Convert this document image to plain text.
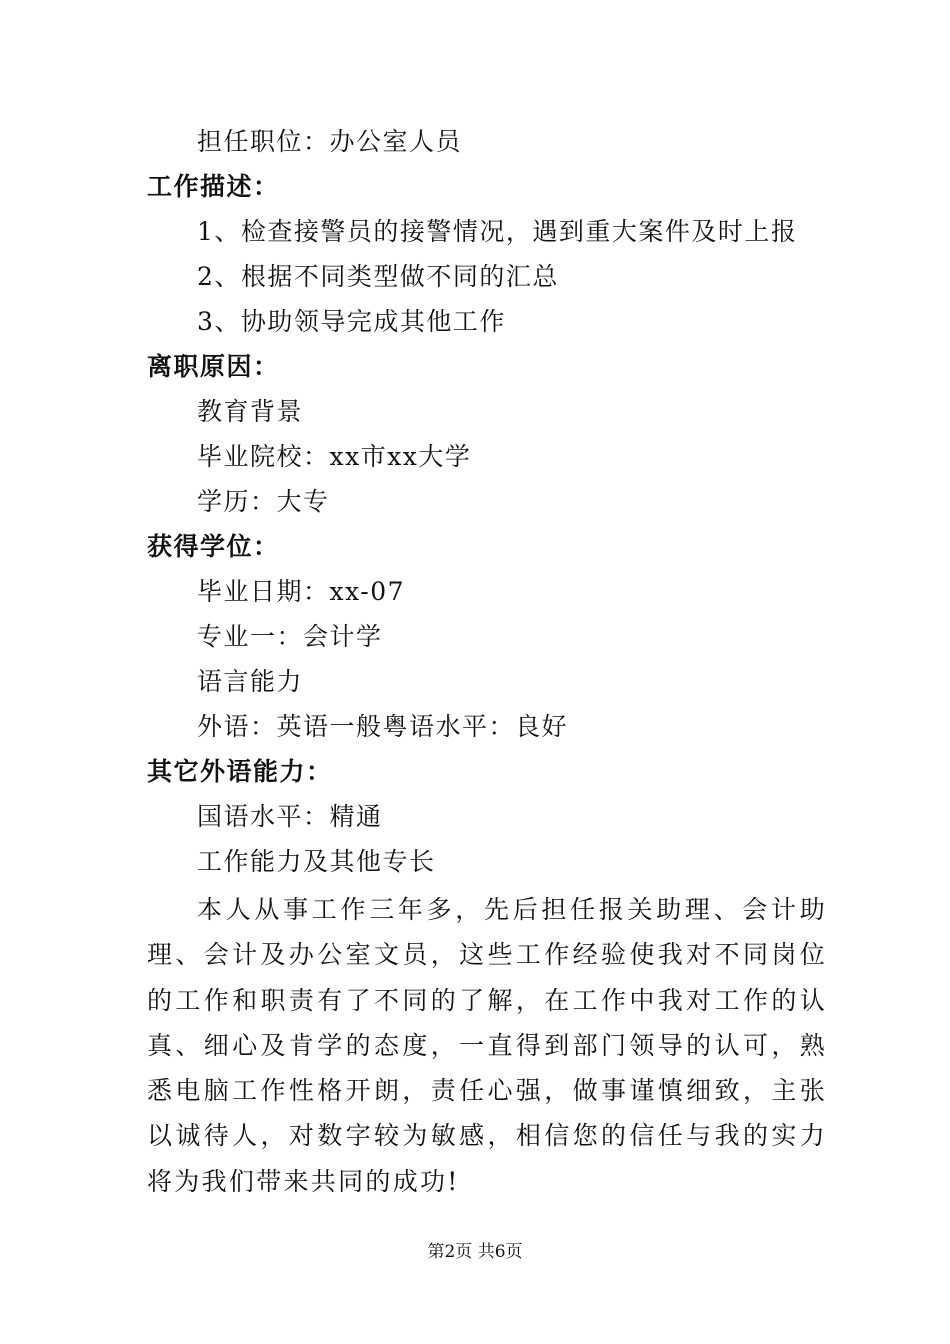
担任职位：办公室人员
工作描述：
1、检查接警员的接警情况，遇到重大案件及时上报
2、根据不同类型做不同的汇总
3、协助领导完成其他工作
离职原因：
教育背景
毕业院校：xx市xx大学
学历：大专
获得学位：
毕业日期：xx-07
专业一：会计学
语言能力
外语：英语一般粤语水平：良好
其它外语能力：
国语水平：精通
工作能力及其他专长
本人从事工作三年多，先后担任报关助理、会计助理、会计及办公室文员，这些工作经验使我对不同岗位的工作和职责有了不同的了解，在工作中我对工作的认真、细心及肯学的态度，一直得到部门领导的认可，熟悉电脑工作性格开朗，责任心强，做事谨慎细致，主张以诚待人，对数字较为敏感，相信您的信任与我的实力将为我们带来共同的成功!
第2页 共6页
